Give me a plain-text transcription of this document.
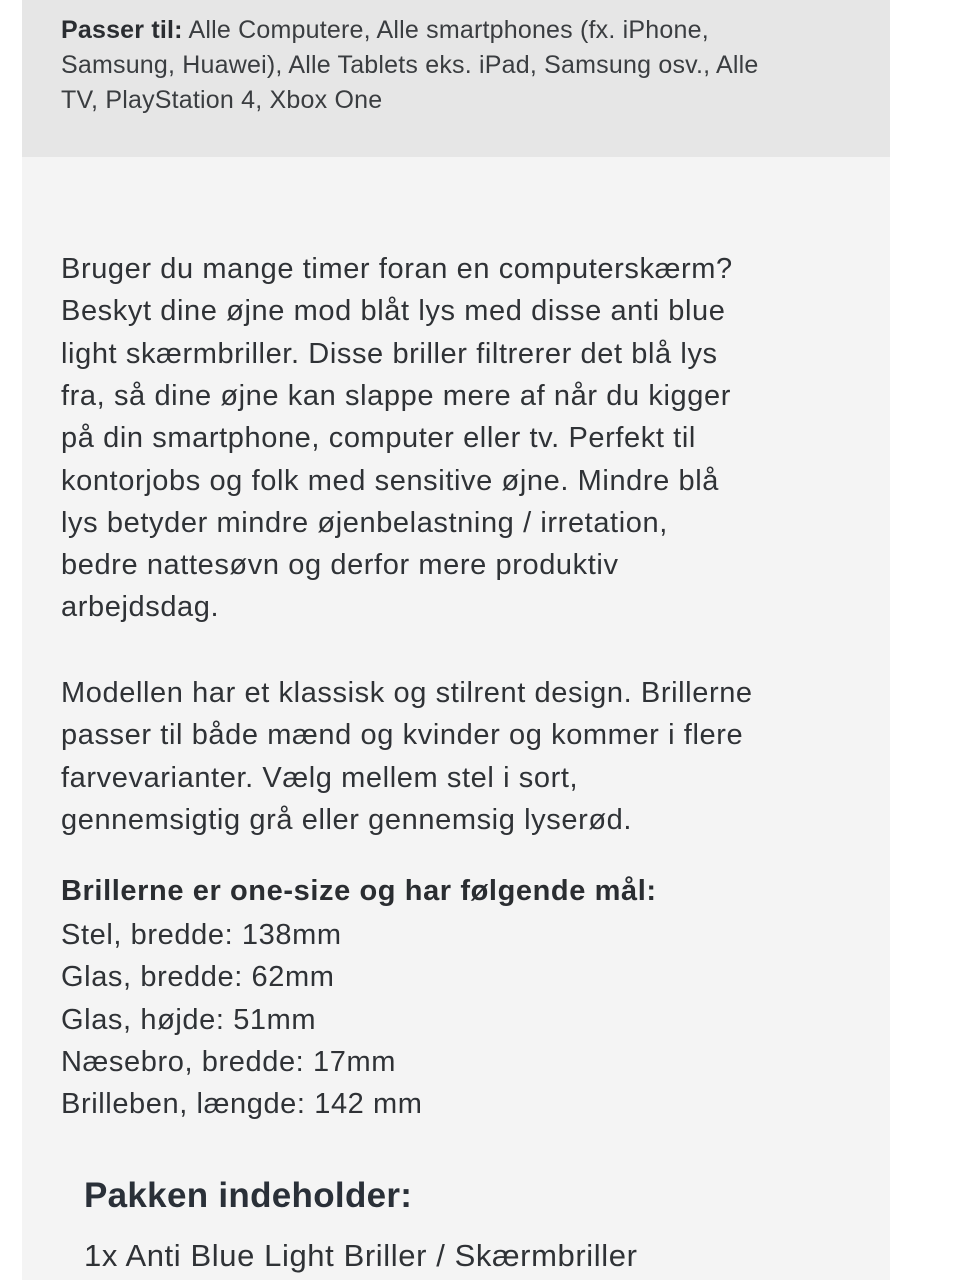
Passer til: Alle Computere, Alle smartphones (fx. iPhone,
Samsung, Huawei), Alle Tablets eks. iPad, Samsung osv., Alle
TV, PlayStation 4, Xbox One
Bruger du mange timer foran en computerskærm?
Beskyt dine øjne mod blåt lys med disse anti blue
light skærmbriller. Disse briller filtrerer det blå lys
fra, så dine øjne kan slappe mere af når du kigger
på din smartphone, computer eller tv. Perfekt til
kontorjobs og folk med sensitive øjne. Mindre blå
lys betyder mindre øjenbelastning / irretation,
bedre nattesøvn og derfor mere produktiv
arbejdsdag.
Modellen har et klassisk og stilrent design. Brillerne
passer til både mænd og kvinder og kommer i flere
farvevarianter. Vælg mellem stel i sort,
gennemsigtig grå eller gennemsig lyserød.
Brillerne er one-size og har følgende mål:
Stel, bredde: 138mm
Glas, bredde: 62mm
Glas, højde: 51mm
Næsebro, bredde: 17mm
Brilleben, længde: 142 mm
Pakken indeholder:
1x Anti Blue Light Briller / Skærmbriller
